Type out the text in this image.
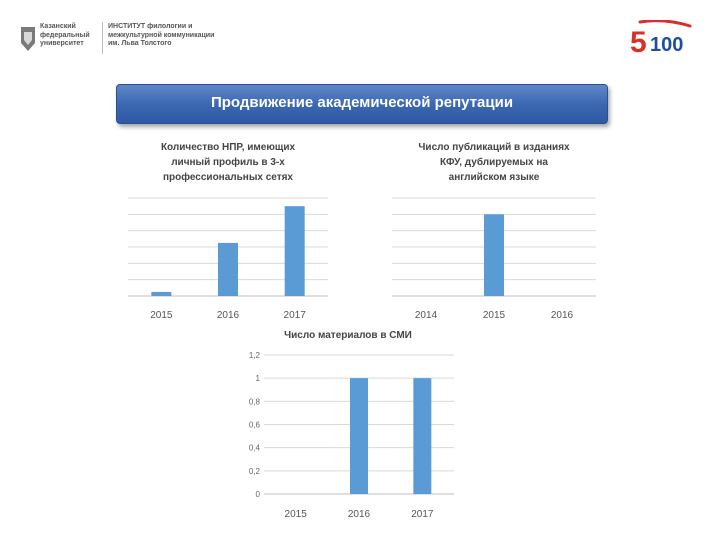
Казанский федеральный университет
ИНСТИТУТ филологии и межкультурной коммуникации им. Льва Толстого	5 100
Продвижение академической репутации
Количество НПР, имеющих
личный профиль в 3-х
профессиональных сетях
2015	2016	2017
Число публикаций в изданиях
КФУ, дублируемых на
английском языке
2014	2015	2016
Число материалов в СМИ
0
0,2
0,4
0,6
0,8
1
1,2
2015	2016	2017
